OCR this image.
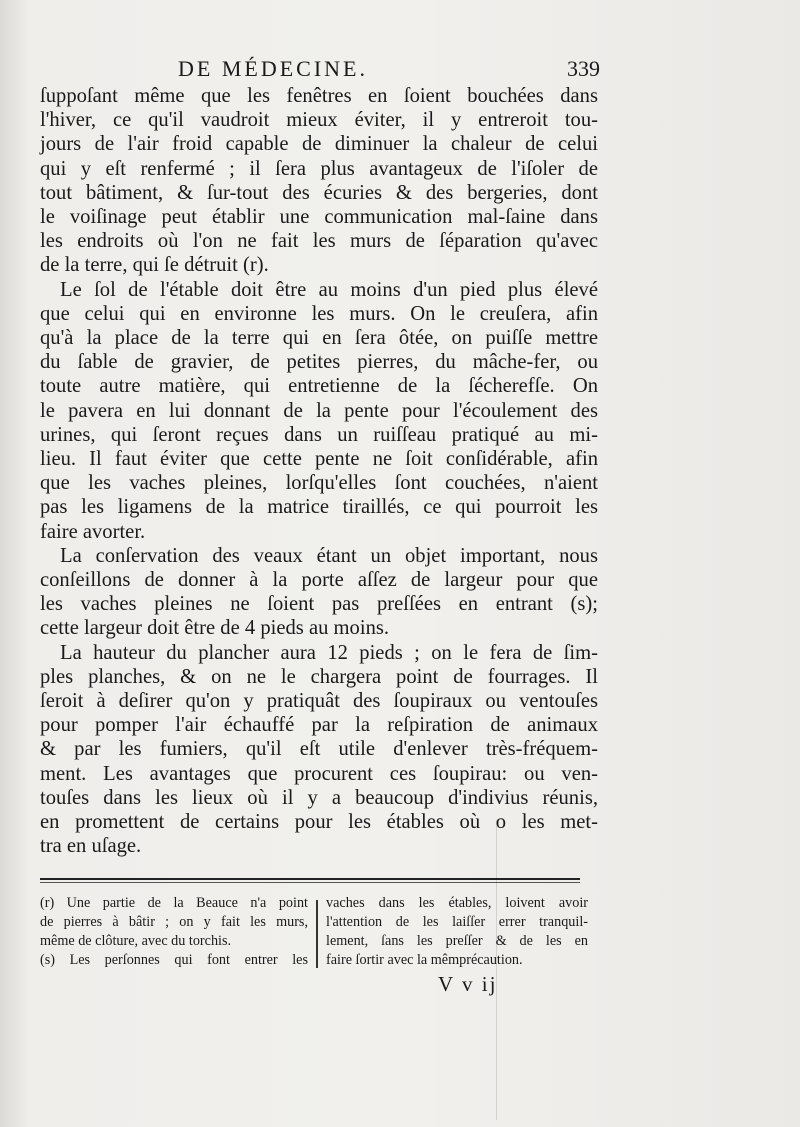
DE MÉDECINE.	339

ſuppoſant même que les fenêtres en ſoient bouchées dans
l'hiver, ce qu'il vaudroit mieux éviter, il y entreroit tou-
jours de l'air froid capable de diminuer la chaleur de celui
qui y eſt renfermé ; il ſera plus avantageux de l'iſoler de
tout bâtiment, & ſur-tout des écuries & des bergeries, dont
le voiſinage peut établir une communication mal-ſaine dans
les endroits où l'on ne fait les murs de ſéparation qu'avec
de la terre, qui ſe détruit (r).

Le ſol de l'étable doit être au moins d'un pied plus élevé
que celui qui en environne les murs. On le creuſera, afin
qu'à la place de la terre qui en ſera ôtée, on puiſſe mettre
du ſable de gravier, de petites pierres, du mâche-fer, ou
toute autre matière, qui entretienne de la ſécherefſe. On
le pavera en lui donnant de la pente pour l'écoulement des
urines, qui ſeront reçues dans un ruiſſeau pratiqué au mi-
lieu. Il faut éviter que cette pente ne ſoit conſidérable, afin
que les vaches pleines, lorſqu'elles ſont couchées, n'aient
pas les ligamens de la matrice tiraillés, ce qui pourroit les
faire avorter.

La conſervation des veaux étant un objet important, nous
conſeillons de donner à la porte aſſez de largeur pour que
les vaches pleines ne ſoient pas preſſées en entrant (s);
cette largeur doit être de 4 pieds au moins.

La hauteur du plancher aura 12 pieds ; on le fera de ſim-
ples planches, & on ne le chargera point de fourrages. Il
ſeroit à deſirer qu'on y pratiquât des ſoupiraux ou ventouſes
pour pomper l'air échauffé par la reſpiration de animaux
& par les fumiers, qu'il eſt utile d'enlever très-fréquem-
ment. Les avantages que procurent ces ſoupirau: ou ven-
touſes dans les lieux où il y a beaucoup d'indivius réunis,
en promettent de certains pour les étables où o les met-
tra en uſage.

(r) Une partie de la Beauce n'a point
de pierres à bâtir ; on y fait les murs,
même de clôture, avec du torchis.
(s) Les perſonnes qui font entrer les
vaches dans les étables, loivent avoir
l'attention de les laiſſer errer tranquil-
lement, ſans les preſſer & de les en
faire ſortir avec la mêmprécaution.
V v ij
